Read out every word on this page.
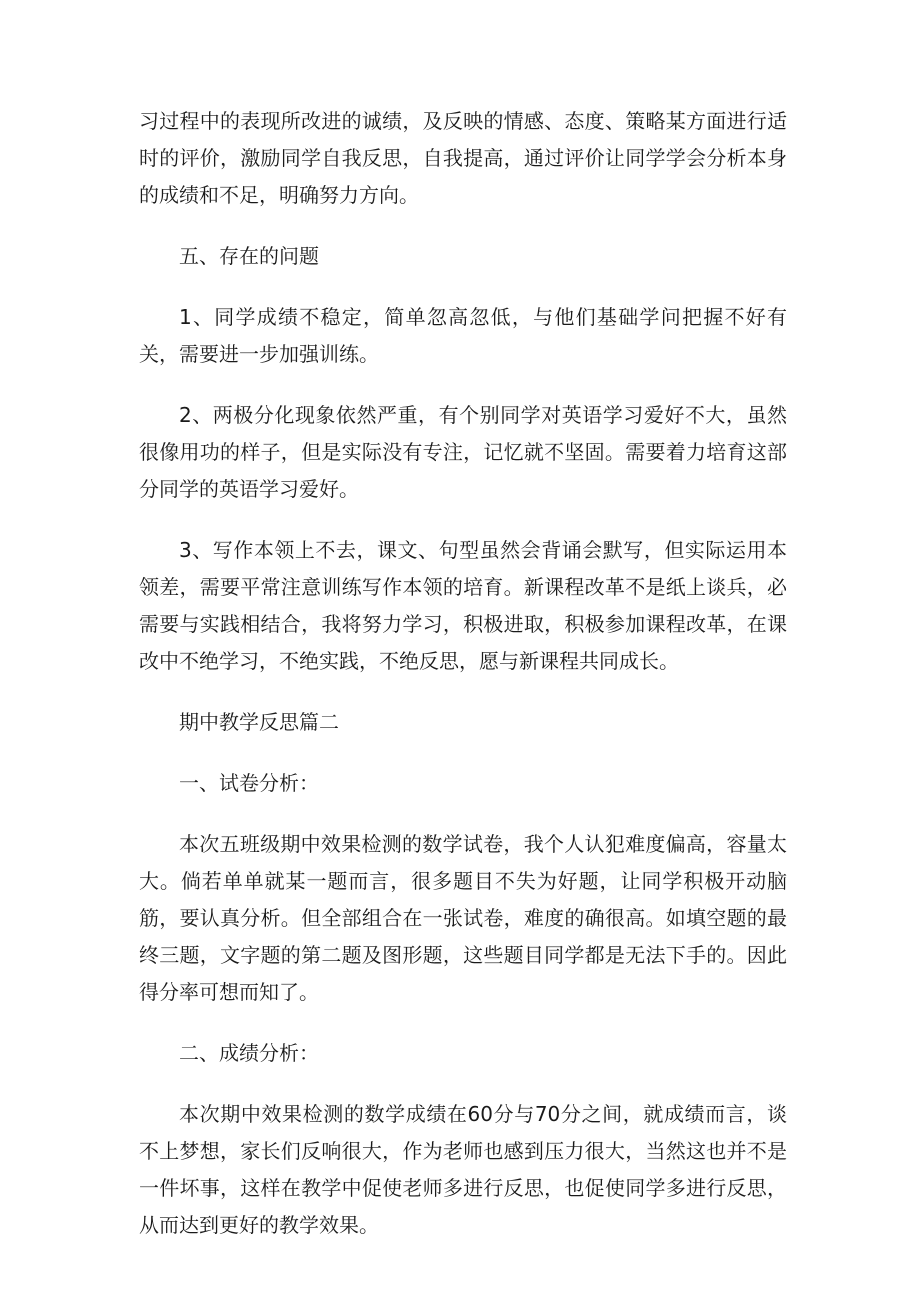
习过程中的表现所改进的诚绩，及反映的情感、态度、策略某方面进行适时的评价，激励同学自我反思，自我提高，通过评价让同学学会分析本身的成绩和不足，明确努力方向。

五、存在的问题

1、同学成绩不稳定，简单忽高忽低，与他们基础学问把握不好有关，需要进一步加强训练。

2、两极分化现象依然严重，有个别同学对英语学习爱好不大，虽然很像用功的样子，但是实际没有专注，记忆就不坚固。需要着力培育这部分同学的英语学习爱好。

3、写作本领上不去，课文、句型虽然会背诵会默写，但实际运用本领差，需要平常注意训练写作本领的培育。新课程改革不是纸上谈兵，必需要与实践相结合，我将努力学习，积极进取，积极参加课程改革，在课改中不绝学习，不绝实践，不绝反思，愿与新课程共同成长。

期中教学反思篇二

一、试卷分析：

本次五班级期中效果检测的数学试卷，我个人认犯难度偏高，容量太大。倘若单单就某一题而言，很多题目不失为好题，让同学积极开动脑筋，要认真分析。但全部组合在一张试卷，难度的确很高。如填空题的最终三题，文字题的第二题及图形题，这些题目同学都是无法下手的。因此得分率可想而知了。

二、成绩分析：

本次期中效果检测的数学成绩在60分与70分之间，就成绩而言，谈不上梦想，家长们反响很大，作为老师也感到压力很大，当然这也并不是一件坏事，这样在教学中促使老师多进行反思，也促使同学多进行反思，从而达到更好的教学效果。
